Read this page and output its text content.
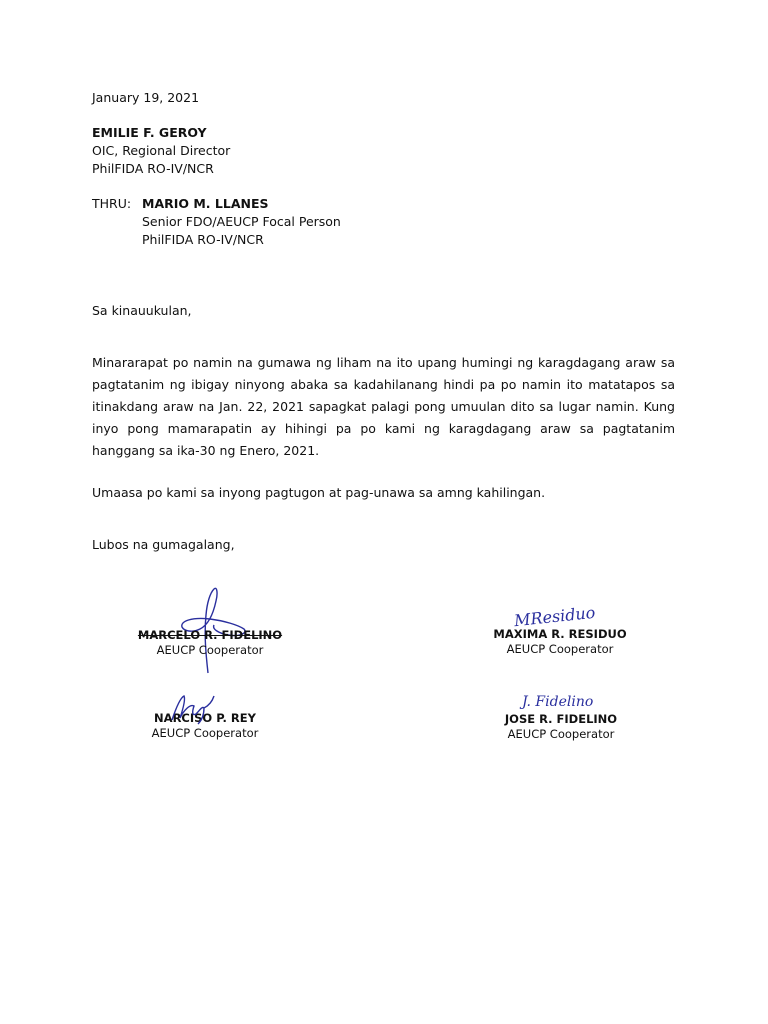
January 19, 2021
EMILIE F. GEROY
OIC, Regional Director
PhilFIDA RO-IV/NCR
THRU: MARIO M. LLANES
Senior FDO/AEUCP Focal Person
PhilFIDA RO-IV/NCR
Sa kinauukulan,
Minararapat po namin na gumawa ng liham na ito upang humingi ng karagdagang araw sa pagtatanim ng ibigay ninyong abaka sa kadahilanang hindi pa po namin ito matatapos sa itinakdang araw na Jan. 22, 2021 sapagkat palagi pong umuulan dito sa lugar namin. Kung inyo pong mamarapatin ay hihingi pa po kami ng karagdagang araw sa pagtatanim hanggang sa ika-30 ng Enero, 2021.
Umaasa po kami sa inyong pagtugon at pag-unawa sa amng kahilingan.
Lubos na gumagalang,
MARCELO R. FIDELINO
AEUCP Cooperator
MAXIMA R. RESIDUO
AEUCP Cooperator
MResiduo
NARCISO P. REY
AEUCP Cooperator
J. Fidelino
JOSE R. FIDELINO
AEUCP Cooperator
